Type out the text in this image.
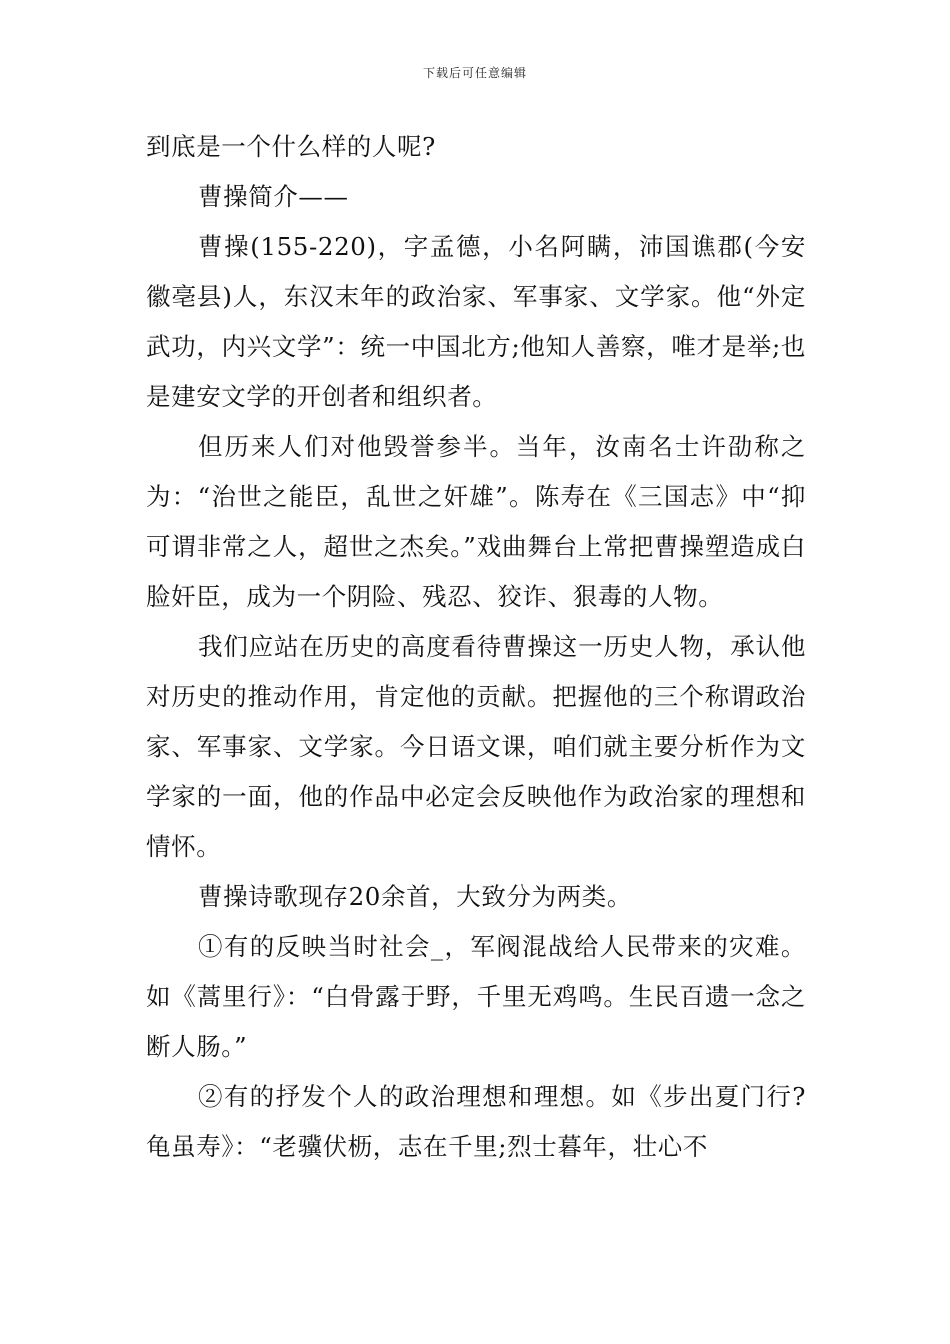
下载后可任意编辑

到底是一个什么样的人呢?

曹操简介——

曹操(155-220)，字孟德，小名阿瞒，沛国谯郡(今安徽亳县)人，东汉末年的政治家、军事家、文学家。他“外定武功，内兴文学”：统一中国北方;他知人善察，唯才是举;也是建安文学的开创者和组织者。

但历来人们对他毁誉参半。当年，汝南名士许劭称之为：“治世之能臣，乱世之奸雄”。陈寿在《三国志》中“抑可谓非常之人，超世之杰矣。”戏曲舞台上常把曹操塑造成白脸奸臣，成为一个阴险、残忍、狡诈、狠毒的人物。

我们应站在历史的高度看待曹操这一历史人物，承认他对历史的推动作用，肯定他的贡献。把握他的三个称谓政治家、军事家、文学家。今日语文课，咱们就主要分析作为文学家的一面，他的作品中必定会反映他作为政治家的理想和情怀。

曹操诗歌现存20余首，大致分为两类。

①有的反映当时社会_，军阀混战给人民带来的灾难。如《蒿里行》：“白骨露于野，千里无鸡鸣。生民百遗一念之断人肠。”

②有的抒发个人的政治理想和理想。如《步出夏门行?龟虽寿》：“老骥伏枥，志在千里;烈士暮年，壮心不
